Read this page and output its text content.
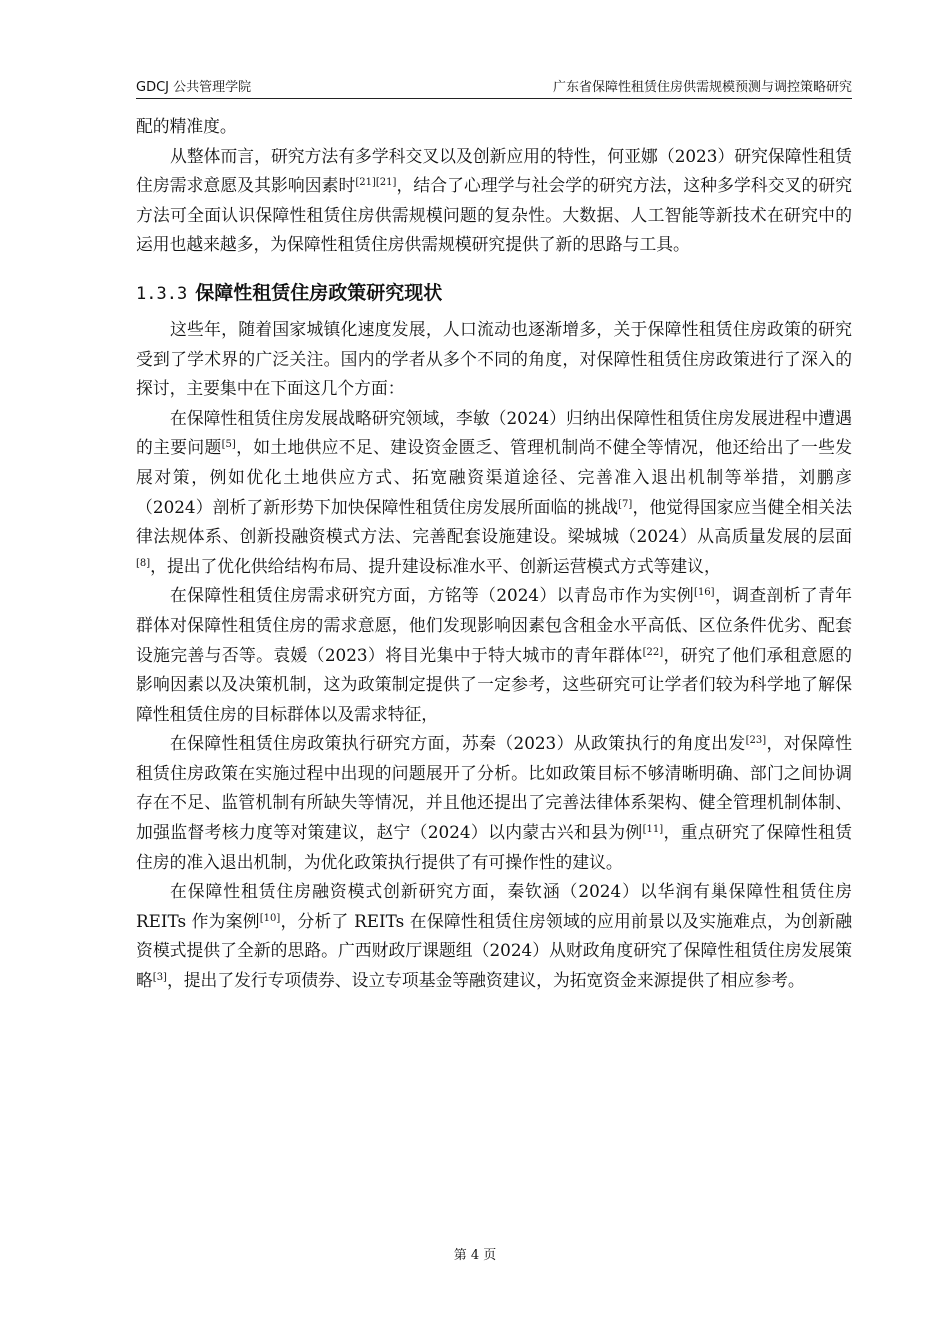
GDCJ 公共管理学院	广东省保障性租赁住房供需规模预测与调控策略研究

配的精准度。

从整体而言，研究方法有多学科交叉以及创新应用的特性，何亚娜（2023）研究保障性租赁住房需求意愿及其影响因素时[21][21]，结合了心理学与社会学的研究方法，这种多学科交叉的研究方法可全面认识保障性租赁住房供需规模问题的复杂性。大数据、人工智能等新技术在研究中的运用也越来越多，为保障性租赁住房供需规模研究提供了新的思路与工具。

1.3.3 保障性租赁住房政策研究现状

这些年，随着国家城镇化速度发展，人口流动也逐渐增多，关于保障性租赁住房政策的研究受到了学术界的广泛关注。国内的学者从多个不同的角度，对保障性租赁住房政策进行了深入的探讨，主要集中在下面这几个方面：

在保障性租赁住房发展战略研究领域，李敏（2024）归纳出保障性租赁住房发展进程中遭遇的主要问题[5]，如土地供应不足、建设资金匮乏、管理机制尚不健全等情况，他还给出了一些发展对策，例如优化土地供应方式、拓宽融资渠道途径、完善准入退出机制等举措，刘鹏彦（2024）剖析了新形势下加快保障性租赁住房发展所面临的挑战[7]，他觉得国家应当健全相关法律法规体系、创新投融资模式方法、完善配套设施建设。梁城城（2024）从高质量发展的层面[8]，提出了优化供给结构布局、提升建设标准水平、创新运营模式方式等建议，

在保障性租赁住房需求研究方面，方铭等（2024）以青岛市作为实例[16]，调查剖析了青年群体对保障性租赁住房的需求意愿，他们发现影响因素包含租金水平高低、区位条件优劣、配套设施完善与否等。袁媛（2023）将目光集中于特大城市的青年群体[22]，研究了他们承租意愿的影响因素以及决策机制，这为政策制定提供了一定参考，这些研究可让学者们较为科学地了解保障性租赁住房的目标群体以及需求特征，

在保障性租赁住房政策执行研究方面，苏秦（2023）从政策执行的角度出发[23]，对保障性租赁住房政策在实施过程中出现的问题展开了分析。比如政策目标不够清晰明确、部门之间协调存在不足、监管机制有所缺失等情况，并且他还提出了完善法律体系架构、健全管理机制体制、加强监督考核力度等对策建议，赵宁（2024）以内蒙古兴和县为例[11]，重点研究了保障性租赁住房的准入退出机制，为优化政策执行提供了有可操作性的建议。

在保障性租赁住房融资模式创新研究方面，秦钦涵（2024）以华润有巢保障性租赁住房 REITs 作为案例[10]，分析了 REITs 在保障性租赁住房领域的应用前景以及实施难点，为创新融资模式提供了全新的思路。广西财政厅课题组（2024）从财政角度研究了保障性租赁住房发展策略[3]，提出了发行专项债券、设立专项基金等融资建议，为拓宽资金来源提供了相应参考。

第 4 页
